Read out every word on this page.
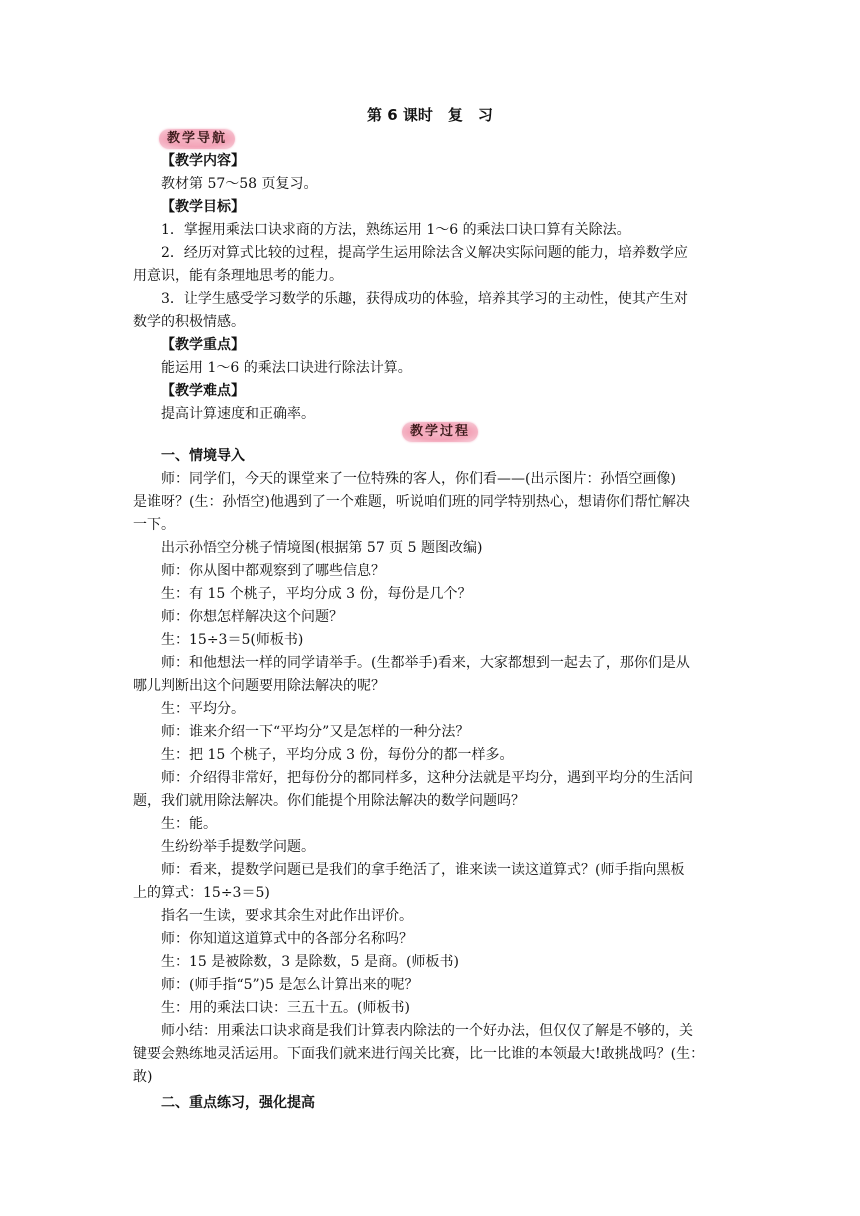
第 6 课时　复　习
教学导航
【教学内容】
教材第 57～58 页复习。
【教学目标】
1．掌握用乘法口诀求商的方法，熟练运用 1～6 的乘法口诀口算有关除法。
2．经历对算式比较的过程，提高学生运用除法含义解决实际问题的能力，培养数学应
用意识，能有条理地思考的能力。
3．让学生感受学习数学的乐趣，获得成功的体验，培养其学习的主动性，使其产生对
数学的积极情感。
【教学重点】
能运用 1～6 的乘法口诀进行除法计算。
【教学难点】
提高计算速度和正确率。
教学过程
一、情境导入
师：同学们，今天的课堂来了一位特殊的客人，你们看——(出示图片：孙悟空画像)
是谁呀？(生：孙悟空)他遇到了一个难题，听说咱们班的同学特别热心，想请你们帮忙解决
一下。
出示孙悟空分桃子情境图(根据第 57 页 5 题图改编)
师：你从图中都观察到了哪些信息？
生：有 15 个桃子，平均分成 3 份，每份是几个？
师：你想怎样解决这个问题？
生：15÷3＝5(师板书)
师：和他想法一样的同学请举手。(生都举手)看来，大家都想到一起去了，那你们是从
哪儿判断出这个问题要用除法解决的呢？
生：平均分。
师：谁来介绍一下“平均分”又是怎样的一种分法？
生：把 15 个桃子，平均分成 3 份，每份分的都一样多。
师：介绍得非常好，把每份分的都同样多，这种分法就是平均分，遇到平均分的生活问
题，我们就用除法解决。你们能提个用除法解决的数学问题吗？
生：能。
生纷纷举手提数学问题。
师：看来，提数学问题已是我们的拿手绝活了，谁来读一读这道算式？(师手指向黑板
上的算式：15÷3＝5)
指名一生读，要求其余生对此作出评价。
师：你知道这道算式中的各部分名称吗？
生：15 是被除数，3 是除数，5 是商。(师板书)
师：(师手指“5”)5 是怎么计算出来的呢？
生：用的乘法口诀：三五十五。(师板书)
师小结：用乘法口诀求商是我们计算表内除法的一个好办法，但仅仅了解是不够的，关
键要会熟练地灵活运用。下面我们就来进行闯关比赛，比一比谁的本领最大!敢挑战吗？(生：
敢)
二、重点练习，强化提高
